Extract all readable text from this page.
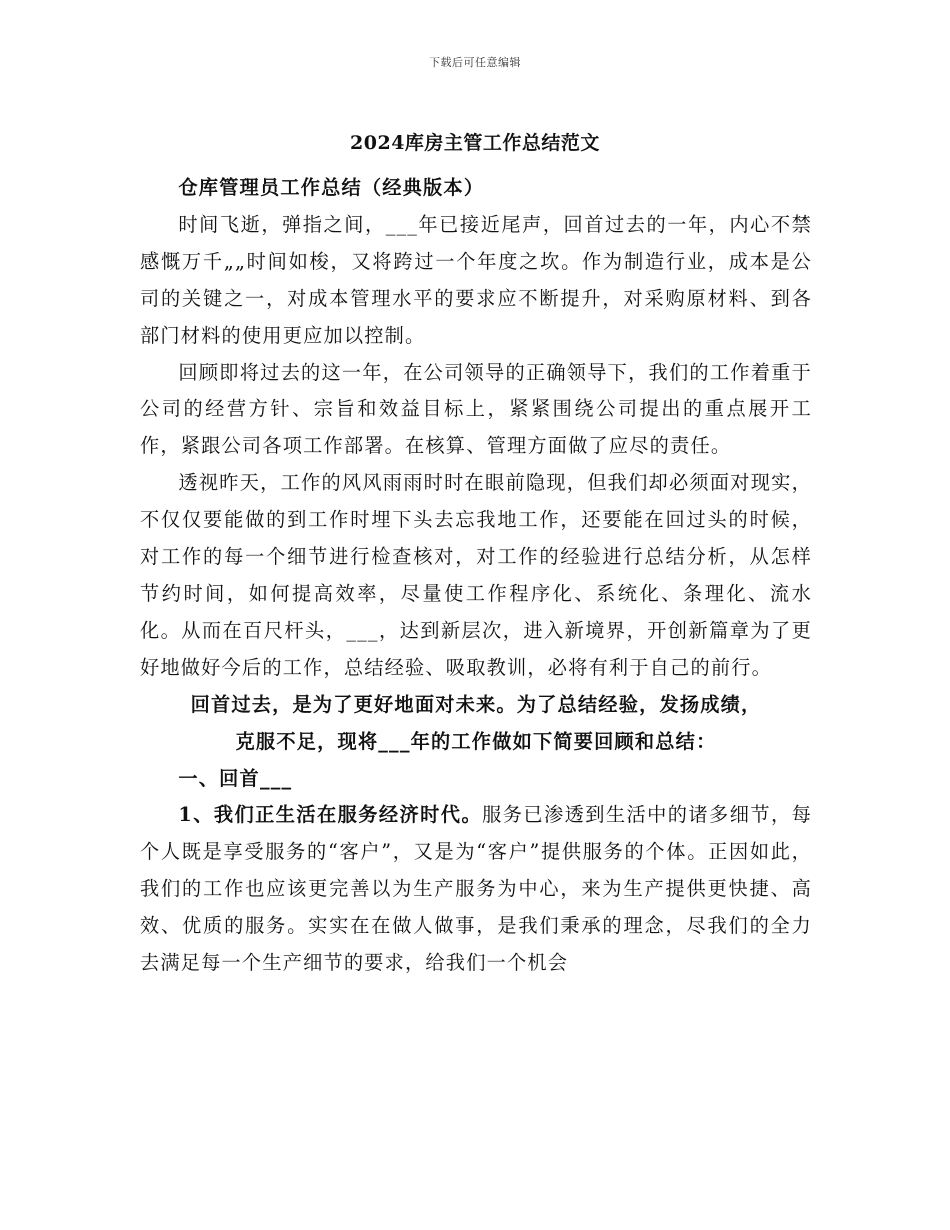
下载后可任意编辑
2024库房主管工作总结范文

仓库管理员工作总结（经典版本）

时间飞逝，弹指之间，___年已接近尾声，回首过去的一年，内心不禁感慨万千„„时间如梭，又将跨过一个年度之坎。作为制造行业，成本是公司的关键之一，对成本管理水平的要求应不断提升，对采购原材料、到各部门材料的使用更应加以控制。

回顾即将过去的这一年，在公司领导的正确领导下，我们的工作着重于公司的经营方针、宗旨和效益目标上，紧紧围绕公司提出的重点展开工作，紧跟公司各项工作部署。在核算、管理方面做了应尽的责任。

透视昨天，工作的风风雨雨时时在眼前隐现，但我们却必须面对现实，不仅仅要能做的到工作时埋下头去忘我地工作，还要能在回过头的时候，对工作的每一个细节进行检查核对，对工作的经验进行总结分析，从怎样节约时间，如何提高效率，尽量使工作程序化、系统化、条理化、流水化。从而在百尺杆头，___，达到新层次，进入新境界，开创新篇章为了更好地做好今后的工作，总结经验、吸取教训，必将有利于自己的前行。

回首过去，是为了更好地面对未来。为了总结经验，发扬成绩，
克服不足，现将___年的工作做如下简要回顾和总结：

一、回首___

1、我们正生活在服务经济时代。服务已渗透到生活中的诸多细节，每个人既是享受服务的“客户”，又是为“客户”提供服务的个体。正因如此，我们的工作也应该更完善以为生产服务为中心，来为生产提供更快捷、高效、优质的服务。实实在在做人做事，是我们秉承的理念，尽我们的全力去满足每一个生产细节的要求，给我们一个机会
